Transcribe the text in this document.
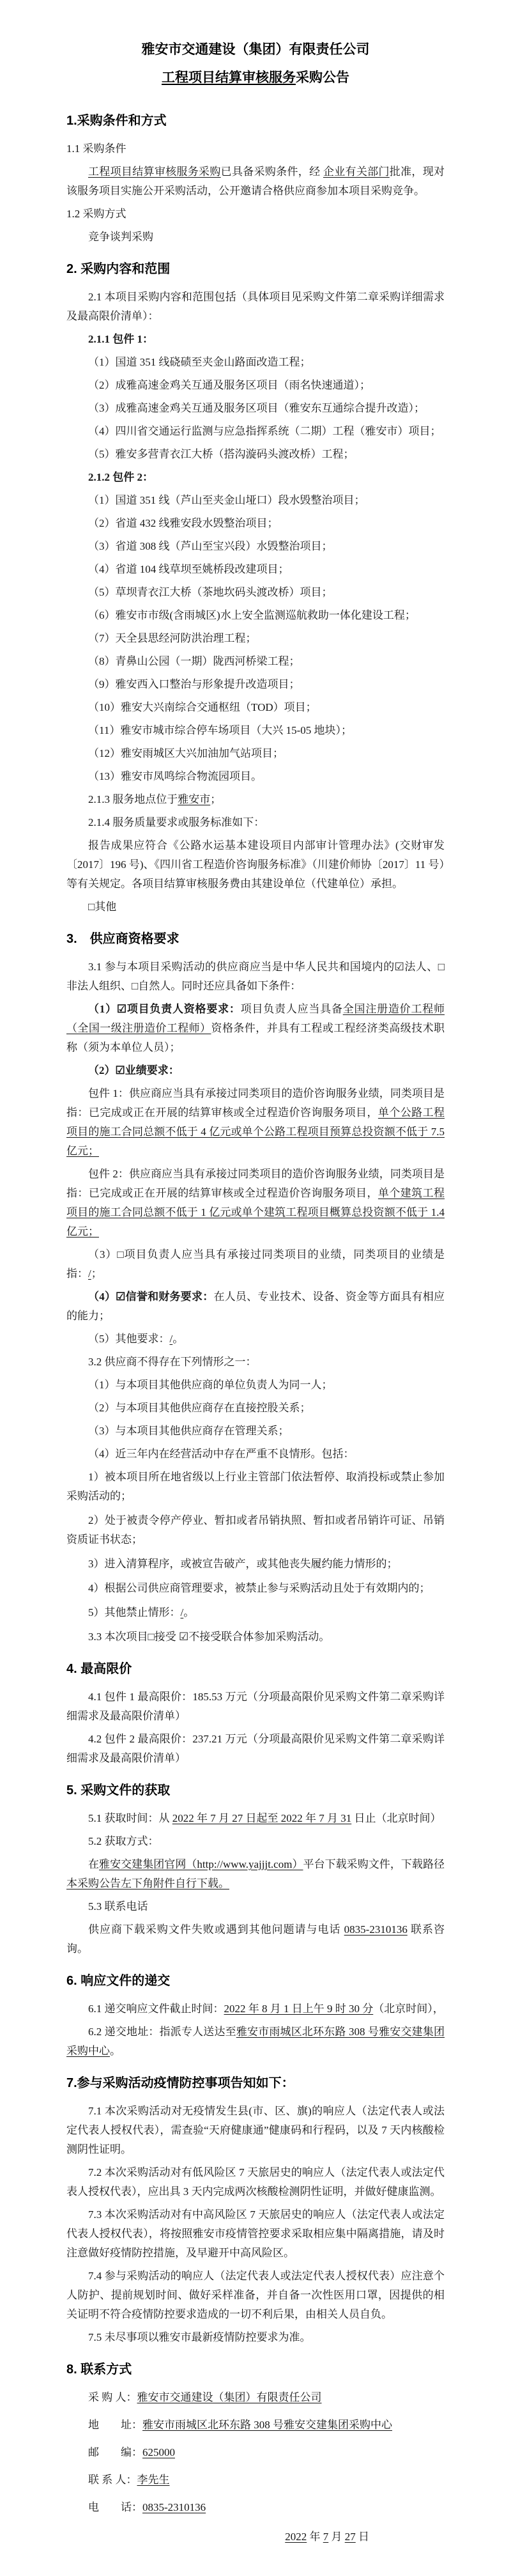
雅安市交通建设（集团）有限责任公司
工程项目结算审核服务采购公告
1.采购条件和方式

1.1 采购条件

工程项目结算审核服务采购已具备采购条件，经 企业有关部门批准，现对该服务项目实施公开采购活动，公开邀请合格供应商参加本项目采购竞争。

1.2 采购方式

竞争谈判采购

2. 采购内容和范围

2.1 本项目采购内容和范围包括（具体项目见采购文件第二章采购详细需求及最高限价清单）：

2.1.1 包件 1：

（1）国道 351 线硗碛至夹金山路面改造工程；

（2）成雅高速金鸡关互通及服务区项目（雨名快速通道）；

（3）成雅高速金鸡关互通及服务区项目（雅安东互通综合提升改造）；

（4）四川省交通运行监测与应急指挥系统（二期）工程（雅安市）项目；

（5）雅安多营青衣江大桥（搭沟漩码头渡改桥）工程；

2.1.2 包件 2：

（1）国道 351 线（芦山至夹金山垭口）段水毁整治项目；

（2）省道 432 线雅安段水毁整治项目；

（3）省道 308 线（芦山至宝兴段）水毁整治项目；

（4）省道 104 线草坝至姚桥段改建项目；

（5）草坝青衣江大桥（茶地坎码头渡改桥）项目；

（6）雅安市市级(含雨城区)水上安全监测巡航救助一体化建设工程；

（7）天全县思经河防洪治理工程；

（8）青鼻山公园（一期）陇西河桥梁工程；

（9）雅安西入口整治与形象提升改造项目；

（10）雅安大兴南综合交通枢纽（TOD）项目；

（11）雅安市城市综合停车场项目（大兴 15-05 地块）；

（12）雅安雨城区大兴加油加气站项目；

（13）雅安市凤鸣综合物流园项目。

2.1.3 服务地点位于雅安市；

2.1.4 服务质量要求或服务标准如下：

报告成果应符合《公路水运基本建设项目内部审计管理办法》(交财审发〔2017〕196 号)、《四川省工程造价咨询服务标准》（川建价师协〔2017〕11 号）等有关规定。各项目结算审核服务费由其建设单位（代建单位）承担。

□其他

3.　供应商资格要求

3.1 参与本项目采购活动的供应商应当是中华人民共和国境内的☑法人、□非法人组织、□自然人。同时还应具备如下条件：

（1）☑项目负责人资格要求：项目负责人应当具备全国注册造价工程师（全国一级注册造价工程师）资格条件，并具有工程或工程经济类高级技术职称（须为本单位人员）；

（2）☑业绩要求：

包件 1：供应商应当具有承接过同类项目的造价咨询服务业绩，同类项目是指：已完成或正在开展的结算审核或全过程造价咨询服务项目，单个公路工程项目的施工合同总额不低于 4 亿元或单个公路工程项目预算总投资额不低于 7.5 亿元；

包件 2：供应商应当具有承接过同类项目的造价咨询服务业绩，同类项目是指：已完成或正在开展的结算审核或全过程造价咨询服务项目，单个建筑工程项目的施工合同总额不低于 1 亿元或单个建筑工程项目概算总投资额不低于 1.4 亿元；

（3）□项目负责人应当具有承接过同类项目的业绩，同类项目的业绩是指：/；

（4）☑信誉和财务要求：在人员、专业技术、设备、资金等方面具有相应的能力；

（5）其他要求：/。

3.2 供应商不得存在下列情形之一：

（1）与本项目其他供应商的单位负责人为同一人；

（2）与本项目其他供应商存在直接控股关系；

（3）与本项目其他供应商存在管理关系；

（4）近三年内在经营活动中存在严重不良情形。包括：

1）被本项目所在地省级以上行业主管部门依法暂停、取消投标或禁止参加采购活动的；

2）处于被责令停产停业、暂扣或者吊销执照、暂扣或者吊销许可证、吊销资质证书状态；

3）进入清算程序，或被宣告破产，或其他丧失履约能力情形的；

4）根据公司供应商管理要求，被禁止参与采购活动且处于有效期内的；

5）其他禁止情形：/。

3.3 本次项目□接受 ☑不接受联合体参加采购活动。

4. 最高限价

4.1 包件 1 最高限价：185.53 万元（分项最高限价见采购文件第二章采购详细需求及最高限价清单）

4.2 包件 2 最高限价：237.21 万元（分项最高限价见采购文件第二章采购详细需求及最高限价清单）

5. 采购文件的获取

5.1 获取时间：从 2022 年 7 月 27 日起至 2022 年 7 月 31 日止（北京时间）

5.2 获取方式：

在雅安交建集团官网（http://www.yajjjt.com）平台下载采购文件，下载路径本采购公告左下角附件自行下载。

5.3 联系电话

供应商下载采购文件失败或遇到其他问题请与电话 0835-2310136 联系咨询。

6. 响应文件的递交

6.1 递交响应文件截止时间：2022 年 8 月 1 日上午 9 时 30 分（北京时间），

6.2 递交地址：指派专人送达至雅安市雨城区北环东路 308 号雅安交建集团采购中心。

7.参与采购活动疫情防控事项告知如下：

7.1 本次采购活动对无疫情发生县(市、区、旗)的响应人（法定代表人或法定代表人授权代表），需查验“天府健康通”健康码和行程码，以及 7 天内核酸检测阴性证明。

7.2 本次采购活动对有低风险区 7 天旅居史的响应人（法定代表人或法定代表人授权代表），应出具 3 天内完成两次核酸检测阴性证明，并做好健康监测。

7.3 本次采购活动对有中高风险区 7 天旅居史的响应人（法定代表人或法定代表人授权代表），将按照雅安市疫情管控要求采取相应集中隔离措施，请及时注意做好疫情防控措施，及早避开中高风险区。

7.4 参与采购活动的响应人（法定代表人或法定代表人授权代表）应注意个人防护、提前规划时间、做好采样准备，并自备一次性医用口罩，因提供的相关证明不符合疫情防控要求造成的一切不利后果，由相关人员自负。

7.5 未尽事项以雅安市最新疫情防控要求为准。

8. 联系方式

采 购 人：雅安市交通建设（集团）有限责任公司

地　　址：雅安市雨城区北环东路 308 号雅安交建集团采购中心

邮　　编：625000

联 系 人：李先生

电　　话：0835-2310136

2022 年 7 月 27 日
